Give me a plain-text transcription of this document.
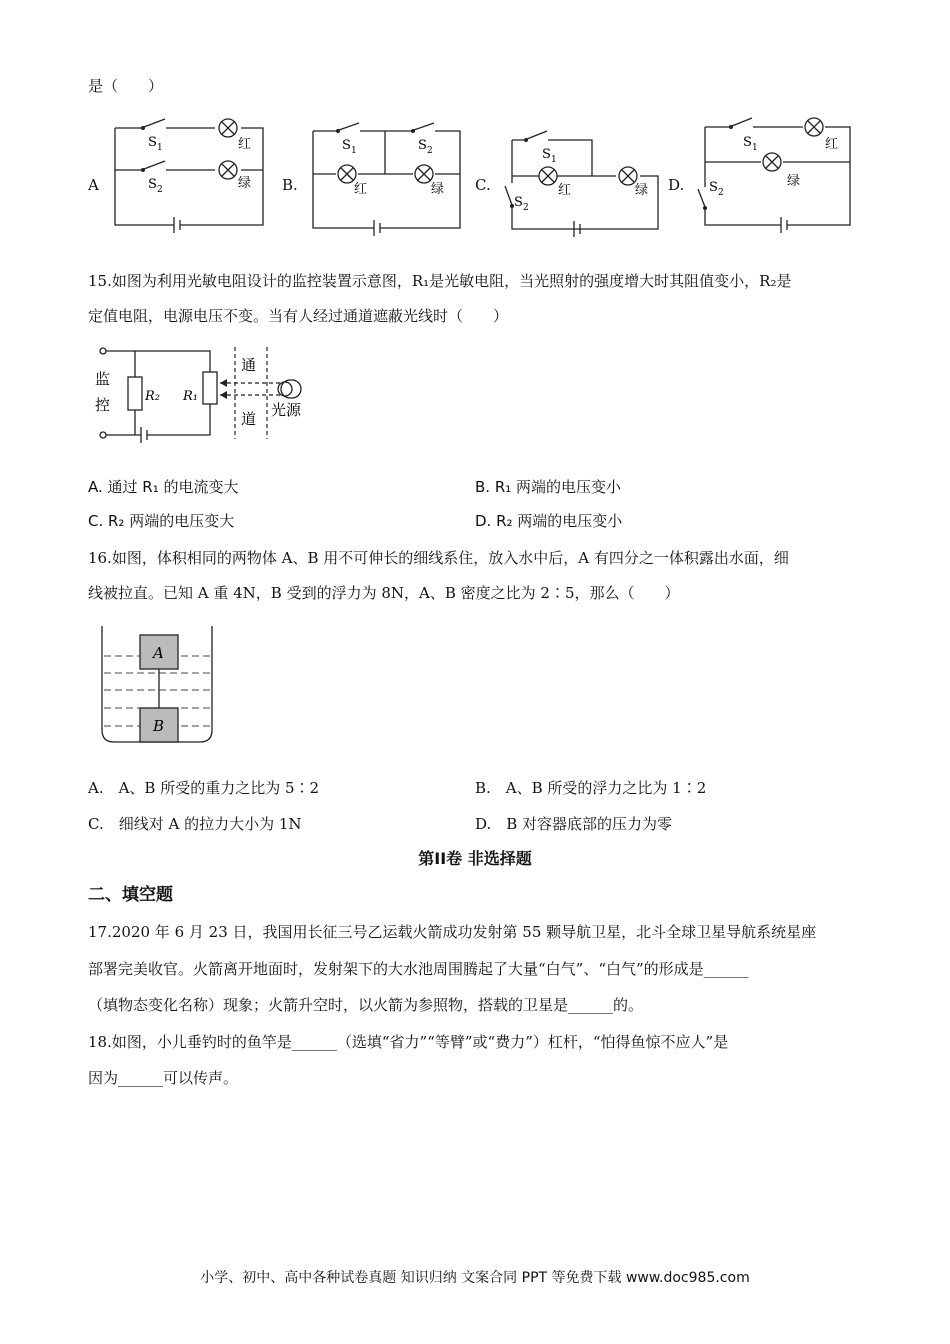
是（　　）
A	B.	C.	D.
S 1
S 2
红
绿
S 1	S 2
红	绿
S 1
S 2
红	绿
S 1
S 2
红
绿
15.如图为利用光敏电阻设计的监控装置示意图，R₁是光敏电阻，当光照射的强度增大时其阻值变小，R₂是
定值电阻，电源电压不变。当有人经过通道遮蔽光线时（　　）
监
控	R₂ R₁
通
道 光源
A. 通过 R₁ 的电流变大	B. R₁ 两端的电压变小
C. R₂ 两端的电压变大	D. R₂ 两端的电压变小
16.如图，体积相同的两物体 A、B 用不可伸长的细线系住，放入水中后，A 有四分之一体积露出水面，细
线被拉直。已知 A 重 4N，B 受到的浮力为 8N，A、B 密度之比为 2∶5，那么（　　）
A
B
A.　A、B 所受的重力之比为 5∶2	B.　A、B 所受的浮力之比为 1∶2
C.　细线对 A 的拉力大小为 1N	D.　B 对容器底部的压力为零
第II卷 非选择题
二、填空题
17.2020 年 6 月 23 日，我国用长征三号乙运载火箭成功发射第 55 颗导航卫星，北斗全球卫星导航系统星座
部署完美收官。火箭离开地面时，发射架下的大水池周围腾起了大量“白气”、“白气”的形成是______
（填物态变化名称）现象；火箭升空时，以火箭为参照物，搭载的卫星是______的。
18.如图，小儿垂钓时的鱼竿是______（选填“省力”“等臂”或“费力”）杠杆，“怕得鱼惊不应人”是
因为______可以传声。
小学、初中、高中各种试卷真题 知识归纳 文案合同 PPT 等免费下载 www.doc985.com
